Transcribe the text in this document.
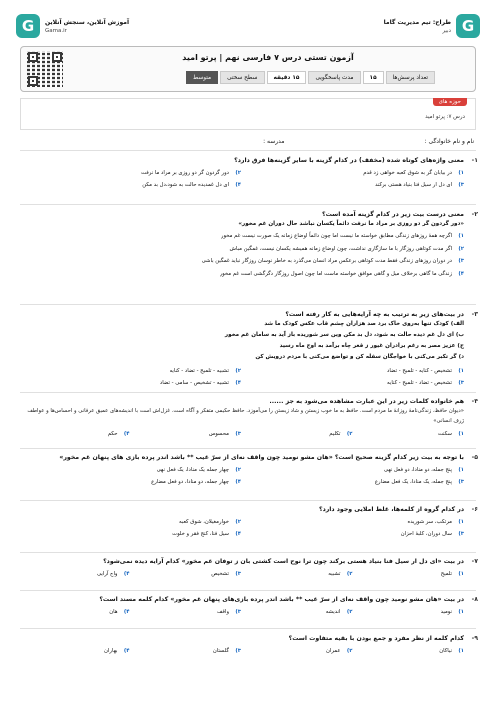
G
طراح: تیم مدیریت گاما
دبیر
G	آموزش آنلاین، سنجش آنلاین
Gama.ir
آزمون تستی درس ۷ فارسی نهم | پرتو امید
تعداد پرسش‌ها
۱۵
مدت پاسخگویی
۱۵ دقیقه
سطح سختی
متوسط
حوزه های
درس ۷: پرتو امید
نام و نام خانوادگی :
مدرسه :
۱-
معنی واژه‌های کوتاه شده (مخفف) در کدام گزینه با سایر گزینه‌ها فرق دارد؟
۱)
در بیابان گر به شوق کعبه خواهی زد قدم
۲)
دور گردون گر دو روزی بر مراد ما نرفت
۳)
ای دل ار سیل فنا بنیاد هستی برکند
۴)
ای دل غمدیده حالت به شود،دل بد مکن
۲-
معنی درست بیت زیر در کدام گزینه آمده است؟
«دور گردون گر دو روزی بر مراد ما نرفت دائماً یکسان نباشد حال دوران غم مخور»
۱)
اگرچه همهٔ روزهای زندگی مطابق خواسته ما نیست اما چون دائماً اوضاع زمانه یک صورت نیست غم مخور
۲)
اگر مدت کوتاهی روزگار با ما سازگاری نداشت، چون اوضاع زمانه همیشه یکسان نیست، غمگین مباش
۳)
در دوران روزهای زندگی فقط مدت کوتاهی برعکس مراد انسان می‌گذرد به خاطر نوسان روزگار نباید غمگین باشی
۴)
زندگی ما گاهی برخلاف میل و گاهی موافق خواسته ماست اما چون اصول روزگار دگرگشی است غم مخور
۳-
در بیت‌های زیر به ترتیب به چه آرایه‌هایی به کار رفته است؟
الف) کودک تنها به‌روی خاک برد صد هزاران چشم قاب عکس کودک ما شد
ب) ای دل غم دیده حالت به شود، دل بد مکن وین سر شوریده باز آید به سامان غم مخور
ج) عزیز مصر به رغم برادران غیور ز قعر چاه برآمد به اوج ماه رسید
د) گر تکبر می‌کنی با خواجگان سفله کن و تواضع می‌کنی با مردم درویش کن
۱)
تشخیص - کنایه - تلمیح - تضاد
۲)
تشبیه - تلمیح - تضاد - کنایه
۳)
تشخیص - تضاد - تلمیح - کنایه
۴)
تشبیه - تشخیص - سامی - تضاد
۴-
هم خانواده کلمات زیر در این عبارت مشاهده می‌شود به جز ......
«دیوان حافظ، زندگی‌نامهٔ روزانهٔ ما مردم است. حافظ به ما خوب زیستن و شاد زیستن را می‌آموزد. حافظ حکیمی متفکر و آگاه است. غزل‌اش است با اندیشه‌های عمیق عرفانی و احساس‌ها و عواطف ژرف انسانی»
۱)
سکنت
۲)
تکلیم
۳)
محسوس
۴)
حکم
۵-
با توجه به بیت زیر کدام گزینه صحیح است؟ «هان مشو نومید چون واقف نه‌ای از سرّ غیب ** باشد اندر پرده بازی های پنهان غم مخور»
۱)
پنج جمله، دو منادا، دو فعل نهی
۲)
چهار جمله یک منادا، یک فعل نهی
۳)
پنج جمله، یک منادا، یک فعل مضارع
۴)
چهار جمله، دو منادا، دو فعل مضارع
۶-
در کدام گروه از کلمه‌ها، غلط املایی وجود دارد؟
۱)
مرتکب، سر شوریده
۲)
خوارمغیلان، شوق کعبه
۳)
سال دوران، کلبهٔ احزان
۴)
سیل فنا، کنج فقر و خلوت
۷-
در بیت «ای دل ار سیل فنا بنیاد هستی برکند چون ترا نوح است کشتی بان ز توفان غم مخور» کدام آرایه دیده نمی‌شود؟
۱)
تلمیح
۲)
تشبیه
۳)
تشخیص
۴)
واج آرایی
۸-
در بیت «هان مشو نومید چون واقف نه‌ای از سرّ غیب ** باشد اندر پرده بازی‌های پنهان غم مخور» کدام کلمه مسند است؟
۱)
نومید
۲)
اندیشه
۳)
واقف
۴)
هان
۹-
کدام کلمه از نظر مفرد و جمع بودن با بقیه متفاوت است؟
۱)
نیاکان
۲)
عمران
۳)
گلستان
۴)
بهاران
